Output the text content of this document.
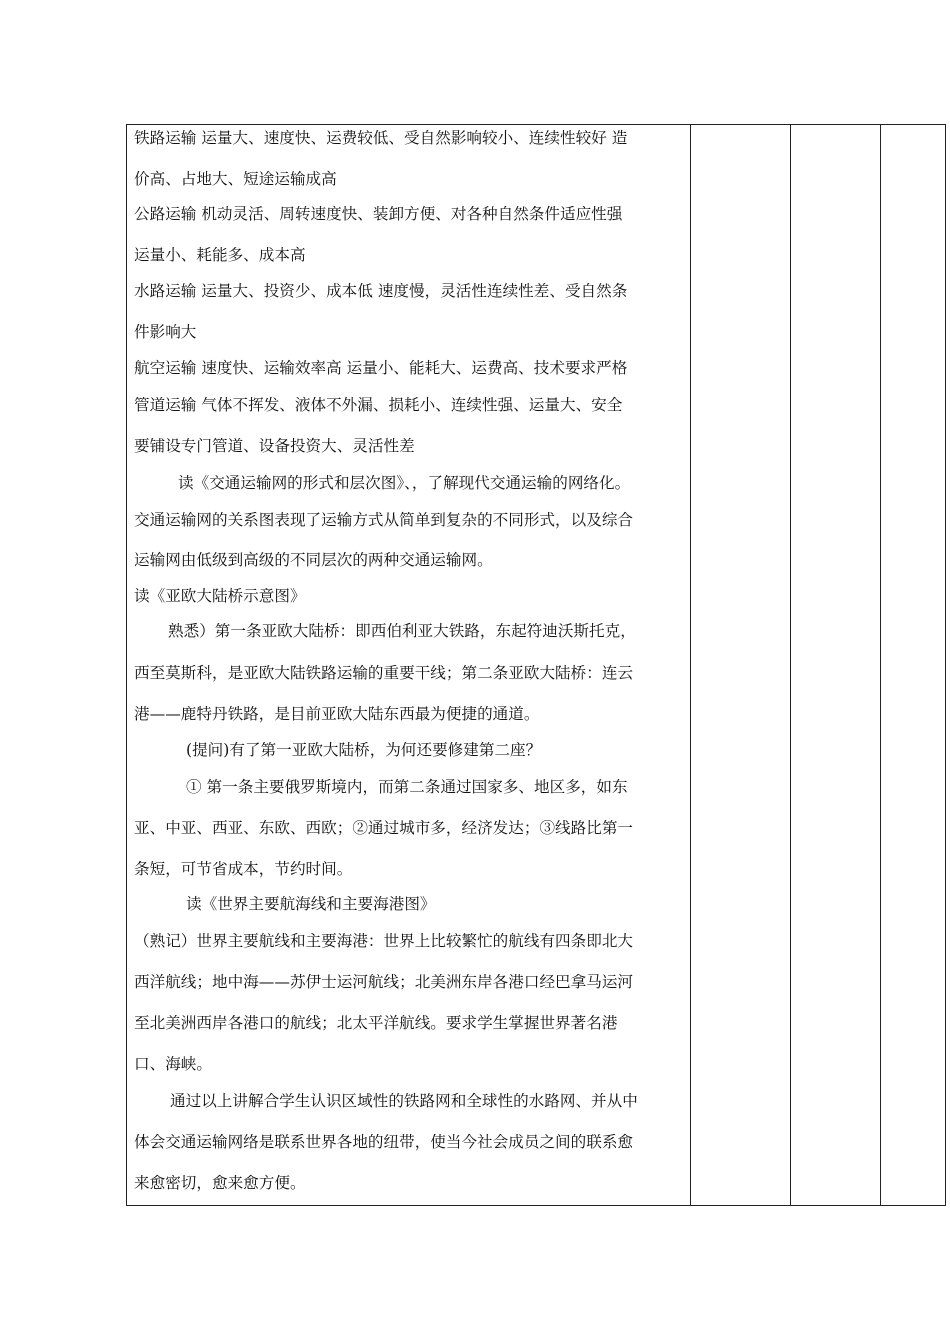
铁路运输 运量大、速度快、运费较低、受自然影响较小、连续性较好 造
价高、占地大、短途运输成高
公路运输 机动灵活、周转速度快、装卸方便、对各种自然条件适应性强
运量小、耗能多、成本高
水路运输 运量大、投资少、成本低 速度慢，灵活性连续性差、受自然条
件影响大
航空运输 速度快、运输效率高 运量小、能耗大、运费高、技术要求严格
管道运输 气体不挥发、液体不外漏、损耗小、连续性强、运量大、安全
要铺设专门管道、设备投资大、灵活性差
读《交通运输网的形式和层次图》、，了解现代交通运输的网络化。
交通运输网的关系图表现了运输方式从简单到复杂的不同形式，以及综合
运输网由低级到高级的不同层次的两种交通运输网。
读《亚欧大陆桥示意图》
熟悉）第一条亚欧大陆桥：即西伯利亚大铁路，东起符迪沃斯托克，
西至莫斯科，是亚欧大陆铁路运输的重要干线；第二条亚欧大陆桥：连云
港——鹿特丹铁路，是目前亚欧大陆东西最为便捷的通道。
(提问)有了第一亚欧大陆桥，为何还要修建第二座？
① 第一条主要俄罗斯境内，而第二条通过国家多、地区多，如东
亚、中亚、西亚、东欧、西欧；②通过城市多，经济发达；③线路比第一
条短，可节省成本，节约时间。
读《世界主要航海线和主要海港图》
（熟记）世界主要航线和主要海港：世界上比较繁忙的航线有四条即北大
西洋航线；地中海——苏伊士运河航线；北美洲东岸各港口经巴拿马运河
至北美洲西岸各港口的航线；北太平洋航线。要求学生掌握世界著名港
口、海峡。
通过以上讲解合学生认识区域性的铁路网和全球性的水路网、并从中
体会交通运输网络是联系世界各地的纽带，使当今社会成员之间的联系愈
来愈密切，愈来愈方便。
